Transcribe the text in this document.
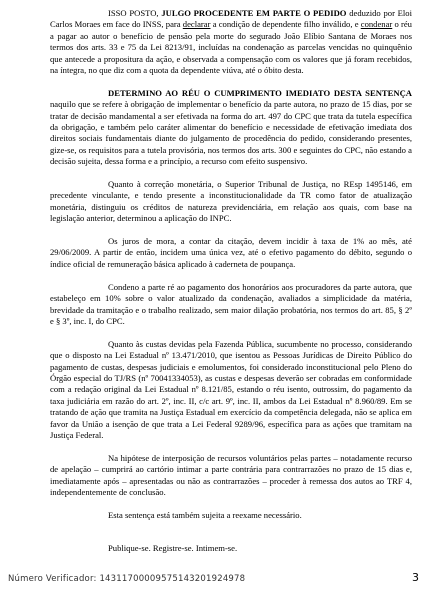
ISSO POSTO, JULGO PROCEDENTE EM PARTE O PEDIDO deduzido por Eloi Carlos Moraes em face do INSS, para declarar a condição de dependente filho inválido, e condenar o réu a pagar ao autor o benefício de pensão pela morte do segurado João Elíbio Santana de Moraes nos termos dos arts. 33 e 75 da Lei 8213/91, incluídas na condenação as parcelas vencidas no quinquênio que antecede a propositura da ação, e observada a compensação com os valores que já foram recebidos, na íntegra, no que diz com a quota da dependente viúva, até o óbito desta.

DETERMINO AO RÉU O CUMPRIMENTO IMEDIATO DESTA SENTENÇA naquilo que se refere à obrigação de implementar o benefício da parte autora, no prazo de 15 dias, por se tratar de decisão mandamental a ser efetivada na forma do art. 497 do CPC que trata da tutela específica da obrigação, e também pelo caráter alimentar do benefício e necessidade de efetivação imediata dos direitos sociais fundamentais diante do julgamento de procedência do pedido, considerando presentes, gize-se, os requisitos para a tutela provisória, nos termos dos arts. 300 e seguintes do CPC, não estando a decisão sujeita, dessa forma e a princípio, a recurso com efeito suspensivo.

Quanto à correção monetária, o Superior Tribunal de Justiça, no REsp 1495146, em precedente vinculante, e tendo presente a inconstitucionalidade da TR como fator de atualização monetária, distinguiu os créditos de natureza previdenciária, em relação aos quais, com base na legislação anterior, determinou a aplicação do INPC.

Os juros de mora, a contar da citação, devem incidir à taxa de 1% ao mês, até 29/06/2009. A partir de então, incidem uma única vez, até o efetivo pagamento do débito, segundo o índice oficial de remuneração básica aplicado à caderneta de poupança.

Condeno a parte ré ao pagamento dos honorários aos procuradores da parte autora, que estabeleço em 10% sobre o valor atualizado da condenação, avaliados a simplicidade da matéria, brevidade da tramitação e o trabalho realizado, sem maior dilação probatória, nos termos do art. 85, § 2º e § 3º, inc. I, do CPC.

Quanto às custas devidas pela Fazenda Pública, sucumbente no processo, considerando que o disposto na Lei Estadual nº 13.471/2010, que isentou as Pessoas Jurídicas de Direito Público do pagamento de custas, despesas judiciais e emolumentos, foi considerado inconstitucional pelo Pleno do Órgão especial do TJ/RS (nº 70041334053), as custas e despesas deverão ser cobradas em conformidade com a redação original da Lei Estadual nº 8.121/85, estando o réu isento, outrossim, do pagamento da taxa judiciária em razão do art. 2º, inc. II, c/c art. 9º, inc. II, ambos da Lei Estadual nº 8.960/89. Em se tratando de ação que tramita na Justiça Estadual em exercício da competência delegada, não se aplica em favor da União a isenção de que trata a Lei Federal 9289/96, específica para as ações que tramitam na Justiça Federal.

Na hipótese de interposição de recursos voluntários pelas partes – notadamente recurso de apelação – cumprirá ao cartório intimar a parte contrária para contrarrazões no prazo de 15 dias e, imediatamente após – apresentadas ou não as contrarrazões – proceder à remessa dos autos ao TRF 4, independentemente de conclusão.

Esta sentença está também sujeita a reexame necessário.

Publique-se. Registre-se. Intimem-se.

Número Verificador: 1431170000957514320192497​8	3
